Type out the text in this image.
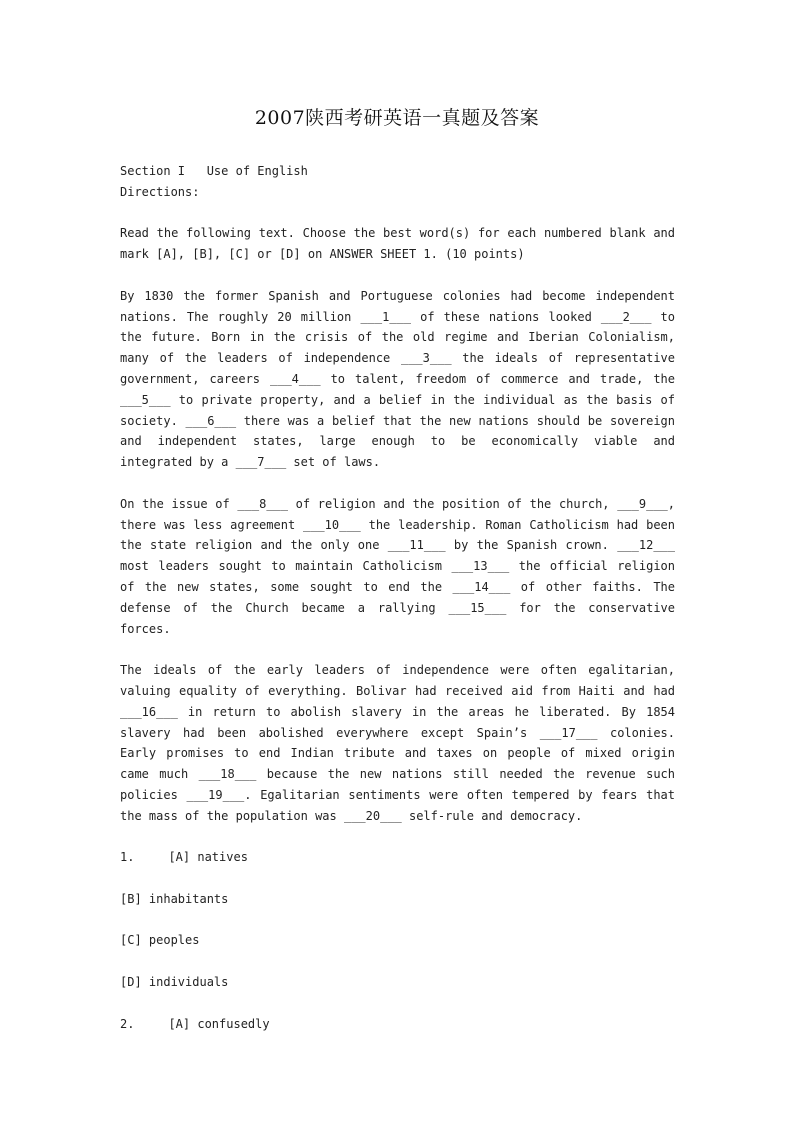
2007陕西考研英语一真题及答案

Section I   Use of English

Directions:

Read the following text. Choose the best word(s) for each numbered blank and mark [A], [B], [C] or [D] on ANSWER SHEET 1. (10 points)

By 1830 the former Spanish and Portuguese colonies had become independent nations. The roughly 20 million ___1___ of these nations looked ___2___ to the future. Born in the crisis of the old regime and Iberian Colonialism, many of the leaders of independence ___3___ the ideals of representative government, careers ___4___ to talent, freedom of commerce and trade, the ___5___ to private property, and a belief in the individual as the basis of society. ___6___ there was a belief that the new nations should be sovereign and independent states, large enough to be economically viable and integrated by a ___7___ set of laws.

On the issue of ___8___ of religion and the position of the church, ___9___, there was less agreement ___10___ the leadership. Roman Catholicism had been the state religion and the only one ___11___ by the Spanish crown. ___12___ most leaders sought to maintain Catholicism ___13___ the official religion of the new states, some sought to end the ___14___ of other faiths. The defense of the Church became a rallying ___15___ for the conservative forces.

The ideals of the early leaders of independence were often egalitarian, valuing equality of everything. Bolivar had received aid from Haiti and had ___16___ in return to abolish slavery in the areas he liberated. By 1854 slavery had been abolished everywhere except Spain’s ___17___ colonies. Early promises to end Indian tribute and taxes on people of mixed origin came much ___18___ because the new nations still needed the revenue such policies ___19___. Egalitarian sentiments were often tempered by fears that the mass of the population was ___20___ self-rule and democracy.

1.	[A] natives

[B] inhabitants

[C] peoples

[D] individuals

2.	[A] confusedly
